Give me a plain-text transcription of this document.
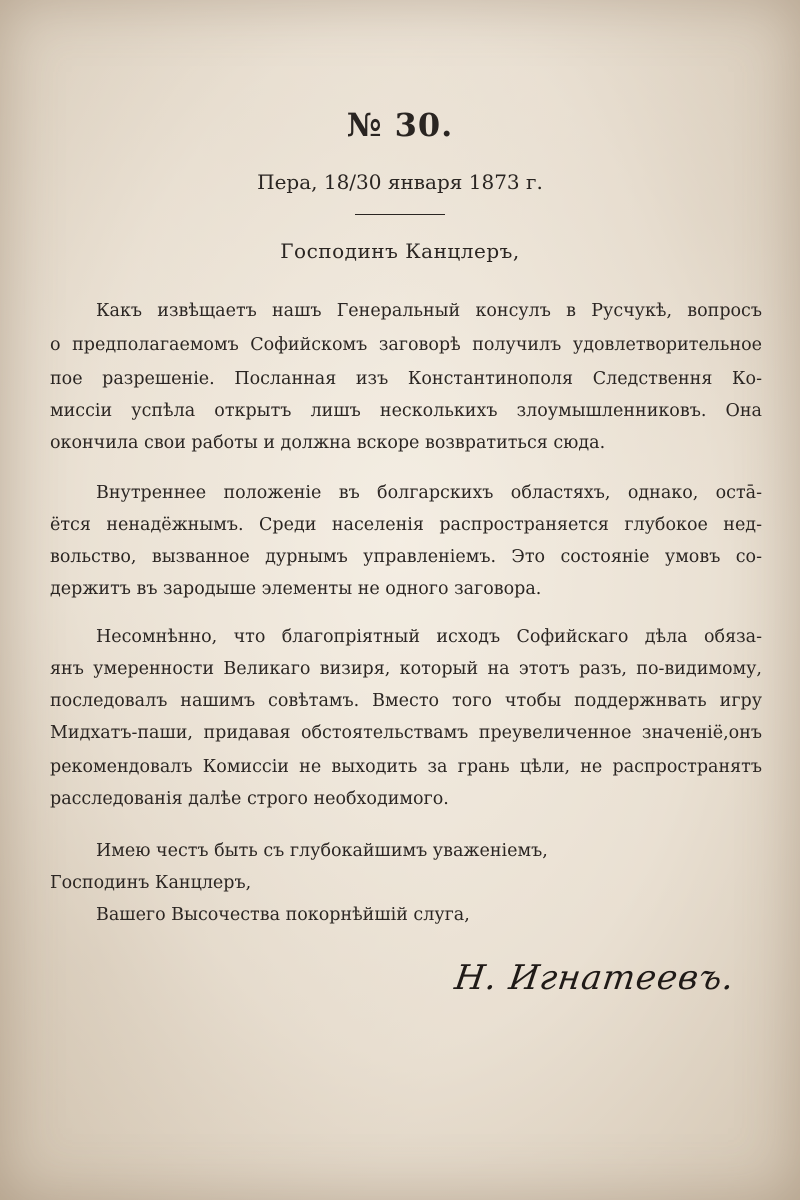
№ 30.
Пера, 18/30 января 1873 г.
Господинъ Канцлеръ,
Какъ извѣщаетъ нашъ Генеральный консулъ в Русчукѣ, вопросъ
о предполагаемомъ Софийскомъ заговорѣ получилъ удовлетворительное
пое разрешеніе. Посланная изъ Константинополя Следствення Ко-
миссіи успѣла открытъ лишъ несколькихъ злоумышленниковъ. Она
окончила свои работы и должна вскоре возвратиться сюда.
Внутреннее положеніе въ болгарскихъ областяхъ, однако, остā-
ётся ненадёжнымъ. Среди населенія распространяется глубокое нед-
вольство, вызванное дурнымъ управленіемъ. Это состояніе умовъ со-
держитъ въ зародыше элементы не одного заговора.
Несомнѣнно, что благопріятный исходъ Софийскаго дѣла обяза-
янъ умеренности Великаго визиря, который на этотъ разъ, по-видимому,
последовалъ нашимъ совѣтамъ. Вместо того чтобы поддержнвать игру
Мидхатъ-паши, придавая обстоятельствамъ преувеличенное значеніё,онъ
рекомендовалъ Комиссіи не выходить за грань цѣли, не распространятъ
расследованія далѣе строго необходимого.
Имею честъ быть съ глубокайшимъ уваженіемъ,
Господинъ Канцлеръ,
Вашего Высочества покорнѣйшій слуга,
Н. Игнатеевъ.
